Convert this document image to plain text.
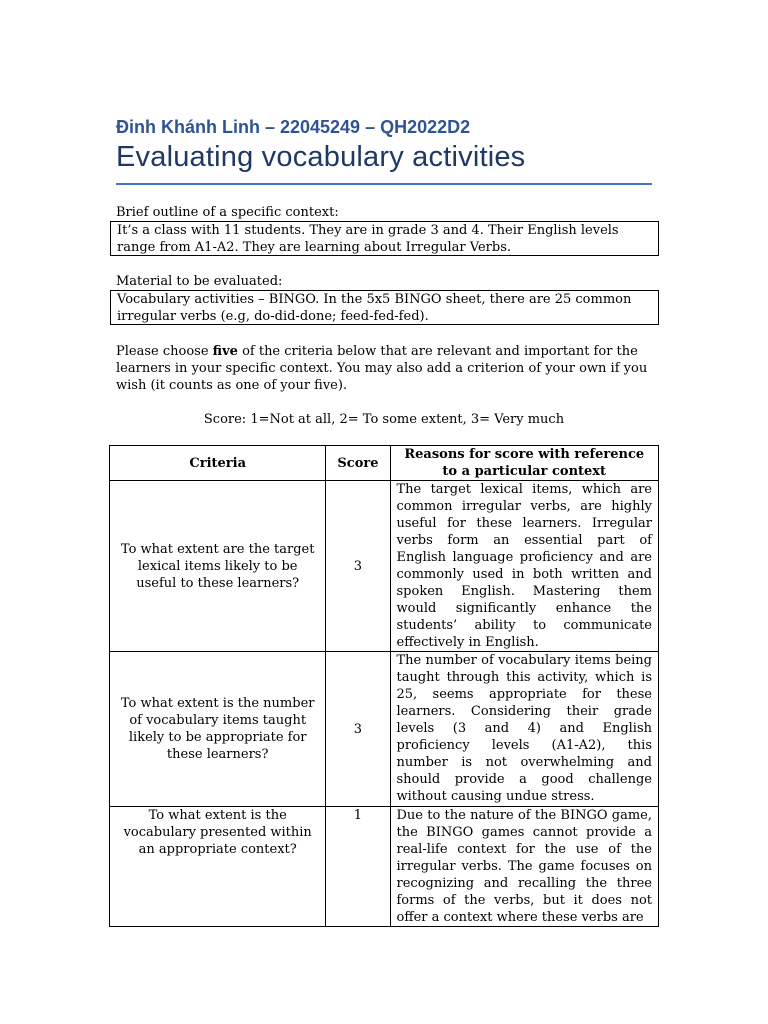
Đinh Khánh Linh – 22045249 – QH2022D2
Evaluating vocabulary activities
Brief outline of a specific context:
It’s a class with 11 students. They are in grade 3 and 4. Their English levels range from A1-A2. They are learning about Irregular Verbs.
Material to be evaluated:
Vocabulary activities – BINGO. In the 5x5 BINGO sheet, there are 25 common irregular verbs (e.g, do-did-done; feed-fed-fed).
Please choose five of the criteria below that are relevant and important for the learners in your specific context. You may also add a criterion of your own if you wish (it counts as one of your five).
Score: 1=Not at all, 2= To some extent, 3= Very much
Criteria	Score	Reasons for score with reference to a particular context
To what extent are the target lexical items likely to be useful to these learners?	3	The target lexical items, which are common irregular verbs, are highly useful for these learners. Irregular verbs form an essential part of English language proficiency and are commonly used in both written and spoken English. Mastering them would significantly enhance the students’ ability to communicate effectively in English.
To what extent is the number of vocabulary items taught likely to be appropriate for these learners?	3	The number of vocabulary items being taught through this activity, which is 25, seems appropriate for these learners. Considering their grade levels (3 and 4) and English proficiency levels (A1-A2), this number is not overwhelming and should provide a good challenge without causing undue stress.
To what extent is the vocabulary presented within an appropriate context?	1	Due to the nature of the BINGO game, the BINGO games cannot provide a real-life context for the use of the irregular verbs. The game focuses on recognizing and recalling the three forms of the verbs, but it does not offer a context where these verbs are
